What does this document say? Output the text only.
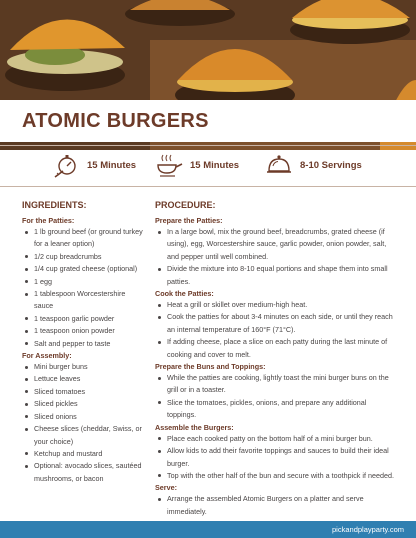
ATOMIC BURGERS
15 Minutes	15 Minutes	8-10 Servings
INGREDIENTS:
For the Patties:
1 lb ground beef (or ground turkey for a leaner option)
1/2 cup breadcrumbs
1/4 cup grated cheese (optional)
1 egg
1 tablespoon Worcestershire sauce
1 teaspoon garlic powder
1 teaspoon onion powder
Salt and pepper to taste
For Assembly:
Mini burger buns
Lettuce leaves
Sliced tomatoes
Sliced pickles
Sliced onions
Cheese slices (cheddar, Swiss, or your choice)
Ketchup and mustard
Optional: avocado slices, sautéed mushrooms, or bacon
PROCEDURE:
Prepare the Patties:
In a large bowl, mix the ground beef, breadcrumbs, grated cheese (if using), egg, Worcestershire sauce, garlic powder, onion powder, salt, and pepper until well combined.
Divide the mixture into 8-10 equal portions and shape them into small patties.
Cook the Patties:
Heat a grill or skillet over medium-high heat.
Cook the patties for about 3-4 minutes on each side, or until they reach an internal temperature of 160°F (71°C).
If adding cheese, place a slice on each patty during the last minute of cooking and cover to melt.
Prepare the Buns and Toppings:
While the patties are cooking, lightly toast the mini burger buns on the grill or in a toaster.
Slice the tomatoes, pickles, onions, and prepare any additional toppings.
Assemble the Burgers:
Place each cooked patty on the bottom half of a mini burger bun.
Allow kids to add their favorite toppings and sauces to build their ideal burger.
Top with the other half of the bun and secure with a toothpick if needed.
Serve:
Arrange the assembled Atomic Burgers on a platter and serve immediately.
pickandplayparty.com
